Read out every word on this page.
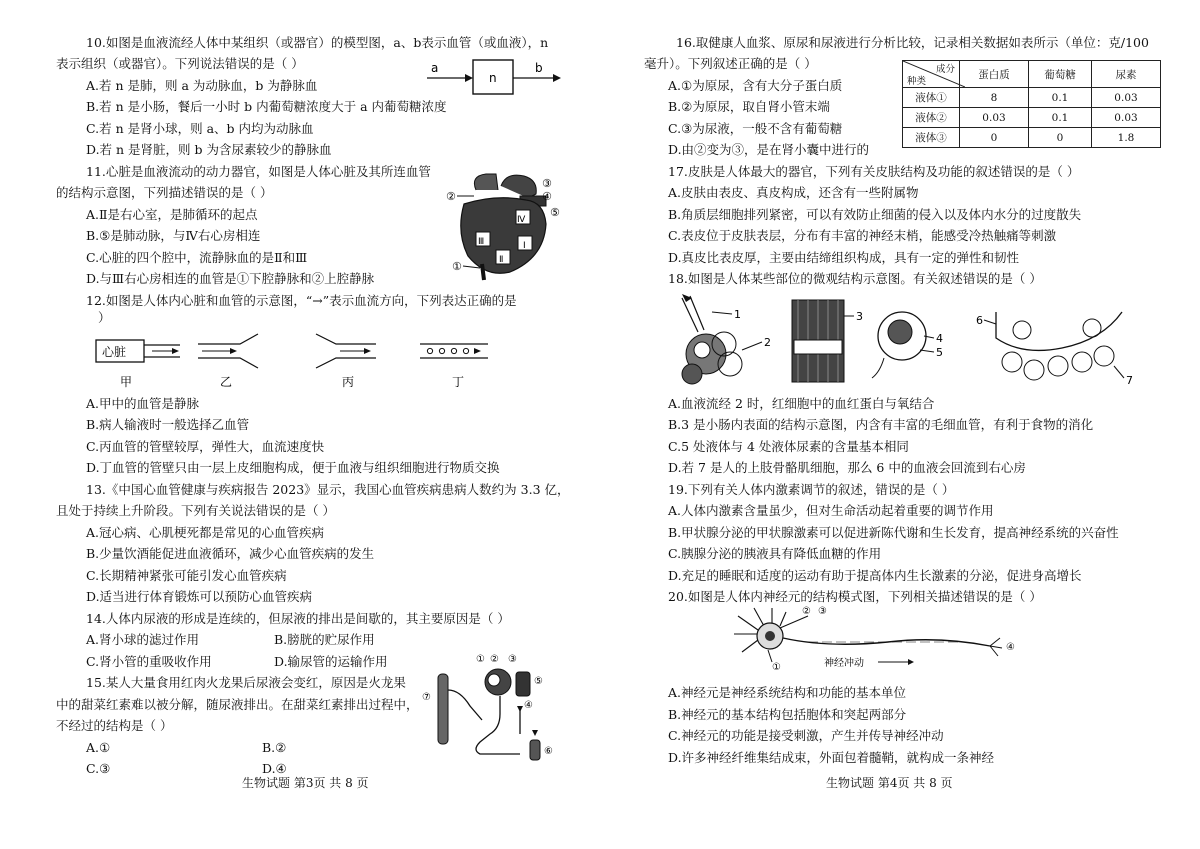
10.如图是血液流经人体中某组织（或器官）的模型图，a、b表示血管（或血液），n
表示组织（或器官）。下列说法错误的是（ ）
A.若 n 是肺，则 a 为动脉血，b 为静脉血
B.若 n 是小肠，餐后一小时 b 内葡萄糖浓度大于 a 内葡萄糖浓度
C.若 n 是肾小球，则 a、b 内均为动脉血
D.若 n 是肾脏，则 b 为含尿素较少的静脉血
a
n
b
11.心脏是血液流动的动力器官，如图是人体心脏及其所连血管
的结构示意图，下列描述错误的是（ ）
A.Ⅱ是右心室，是肺循环的起点
B.⑤是肺动脉，与Ⅳ右心房相连
C.心脏的四个腔中，流静脉血的是Ⅱ和Ⅲ
D.与Ⅲ右心房相连的血管是①下腔静脉和②上腔静脉
Ⅲ
Ⅱ
Ⅰ
Ⅳ
②
③
④
⑤
①
12.如图是人体内心脏和血管的示意图，“→”表示血流方向，下列表达正确的是
）
心脏
甲	乙	丙	丁
A.甲中的血管是静脉
B.病人输液时一般选择乙血管
C.丙血管的管壁较厚，弹性大，血流速度快
D.丁血管的管壁只由一层上皮细胞构成，便于血液与组织细胞进行物质交换
13.《中国心血管健康与疾病报告 2023》显示，我国心血管疾病患病人数约为 3.3 亿，
且处于持续上升阶段。下列有关说法错误的是（ ）
A.冠心病、心肌梗死都是常见的心血管疾病
B.少量饮酒能促进血液循环，减少心血管疾病的发生
C.长期精神紧张可能引发心血管疾病
D.适当进行体育锻炼可以预防心血管疾病
14.人体内尿液的形成是连续的，但尿液的排出是间歇的，其主要原因是（ ）
A.肾小球的滤过作用	B.膀胱的贮尿作用
C.肾小管的重吸收作用	D.输尿管的运输作用
15.某人大量食用红肉火龙果后尿液会变红，原因是火龙果
中的甜菜红素难以被分解，随尿液排出。在甜菜红素排出过程中，
不经过的结构是（ ）
A.①	B.②
C.③	D.④
⑦
① ② ③
⑤
④
⑥
生物试题 第3页 共 8 页
16.取健康人血浆、原尿和尿液进行分析比较，记录相关数据如表所示（单位：克/100
毫升）。下列叙述正确的是（ ）
A.①为原尿，含有大分子蛋白质
B.②为原尿，取自肾小管末端
C.③为尿液，一般不含有葡萄糖
D.由②变为③，是在肾小囊中进行的
成分
种类	蛋白质	葡萄糖	尿素
液体①	8	0.1	0.03
液体②	0.03	0.1	0.03
液体③	0	0	1.8
17.皮肤是人体最大的器官，下列有关皮肤结构及功能的叙述错误的是（ ）
A.皮肤由表皮、真皮构成，还含有一些附属物
B.角质层细胞排列紧密，可以有效防止细菌的侵入以及体内水分的过度散失
C.表皮位于皮肤表层，分布有丰富的神经末梢，能感受冷热触痛等刺激
D.真皮比表皮厚，主要由结缔组织构成，具有一定的弹性和韧性
18.如图是人体某些部位的微观结构示意图。有关叙述错误的是（ ）
1
2
3
4
5
6
7
A.血液流经 2 时，红细胞中的血红蛋白与氧结合
B.3 是小肠内表面的结构示意图，内含有丰富的毛细血管，有利于食物的消化
C.5 处液体与 4 处液体尿素的含量基本相同
D.若 7 是人的上肢骨骼肌细胞，那么 6 中的血液会回流到右心房
19.下列有关人体内激素调节的叙述，错误的是（ ）
A.人体内激素含量虽少，但对生命活动起着重要的调节作用
B.甲状腺分泌的甲状腺激素可以促进新陈代谢和生长发育，提高神经系统的兴奋性
C.胰腺分泌的胰液具有降低血糖的作用
D.充足的睡眠和适度的运动有助于提高体内生长激素的分泌，促进身高增长
20.如图是人体内神经元的结构模式图，下列相关描述错误的是（ ）
①
② ③
④
神经冲动
A.神经元是神经系统结构和功能的基本单位
B.神经元的基本结构包括胞体和突起两部分
C.神经元的功能是接受刺激，产生并传导神经冲动
D.许多神经纤维集结成束，外面包着髓鞘，就构成一条神经
生物试题 第4页 共 8 页
